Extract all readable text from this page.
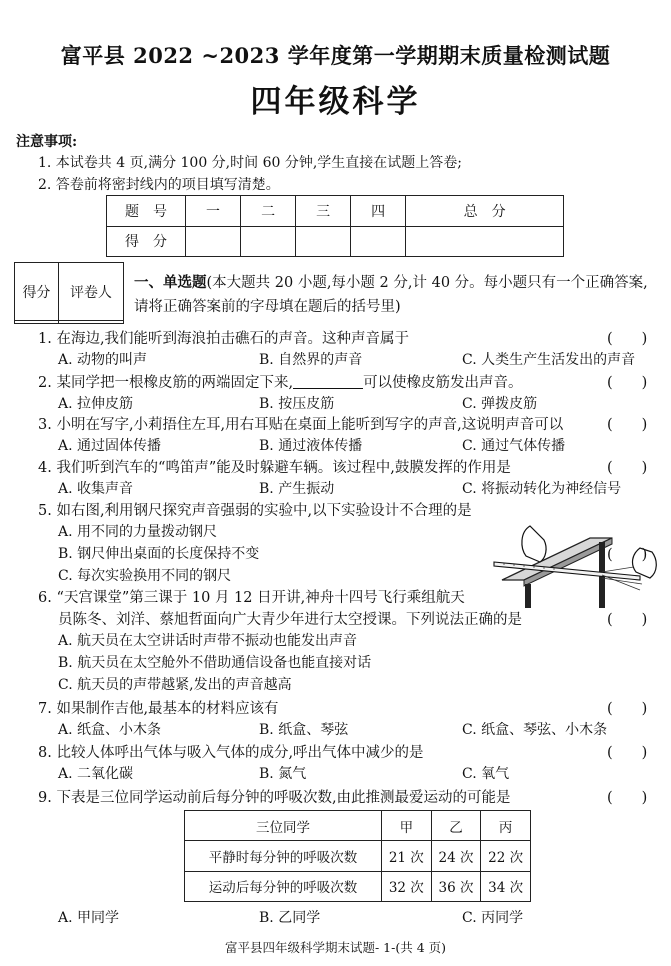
富平县 2022 ~2023 学年度第一学期期末质量检测试题
四年级科学
注意事项:
1. 本试卷共 4 页,满分 100 分,时间 60 分钟,学生直接在试题上答卷;
2. 答卷前将密封线内的项目填写清楚。
题　号	一	二	三	四	总　分
得　分					
得分	评卷人

一、单选题(本大题共 20 小题,每小题 2 分,计 40 分。每小题只有一个正确答案,请将正确答案前的字母填在题后的括号里)
1. 在海边,我们能听到海浪拍击礁石的声音。这种声音属于	(　　)
A. 动物的叫声	B. 自然界的声音	C. 人类生产生活发出的声音
2. 某同学把一根橡皮筋的两端固定下来,	可以使橡皮筋发出声音。	(　　)
A. 拉伸皮筋	B. 按压皮筋	C. 弹拨皮筋
3. 小明在写字,小莉捂住左耳,用右耳贴在桌面上能听到写字的声音,这说明声音可以	(　　)
A. 通过固体传播	B. 通过液体传播	C. 通过气体传播
4. 我们听到汽车的“鸣笛声”能及时躲避车辆。该过程中,鼓膜发挥的作用是	(　　)
A. 收集声音	B. 产生振动	C. 将振动转化为神经信号
5. 如右图,利用钢尺探究声音强弱的实验中,以下实验设计不合理的是
A. 用不同的力量拨动钢尺
B. 钢尺伸出桌面的长度保持不变
C. 每次实验换用不同的钢尺
(　　)
6. “天宫课堂”第三课于 10 月 12 日开讲,神舟十四号飞行乘组航天
员陈冬、刘洋、蔡旭哲面向广大青少年进行太空授课。下列说法正确的是	(　　)
A. 航天员在太空讲话时声带不振动也能发出声音
B. 航天员在太空舱外不借助通信设备也能直接对话
C. 航天员的声带越紧,发出的声音越高
7. 如果制作吉他,最基本的材料应该有	(　　)
A. 纸盒、小木条	B. 纸盒、琴弦	C. 纸盒、琴弦、小木条
8. 比较人体呼出气体与吸入气体的成分,呼出气体中减少的是	(　　)
A. 二氧化碳	B. 氮气	C. 氧气
9. 下表是三位同学运动前后每分钟的呼吸次数,由此推测最爱运动的可能是	(　　)
三位同学	甲	乙	丙
平静时每分钟的呼吸次数	21 次	24 次	22 次
运动后每分钟的呼吸次数	32 次	36 次	34 次
A. 甲同学	B. 乙同学	C. 丙同学
富平县四年级科学期末试题- 1-(共 4 页)
